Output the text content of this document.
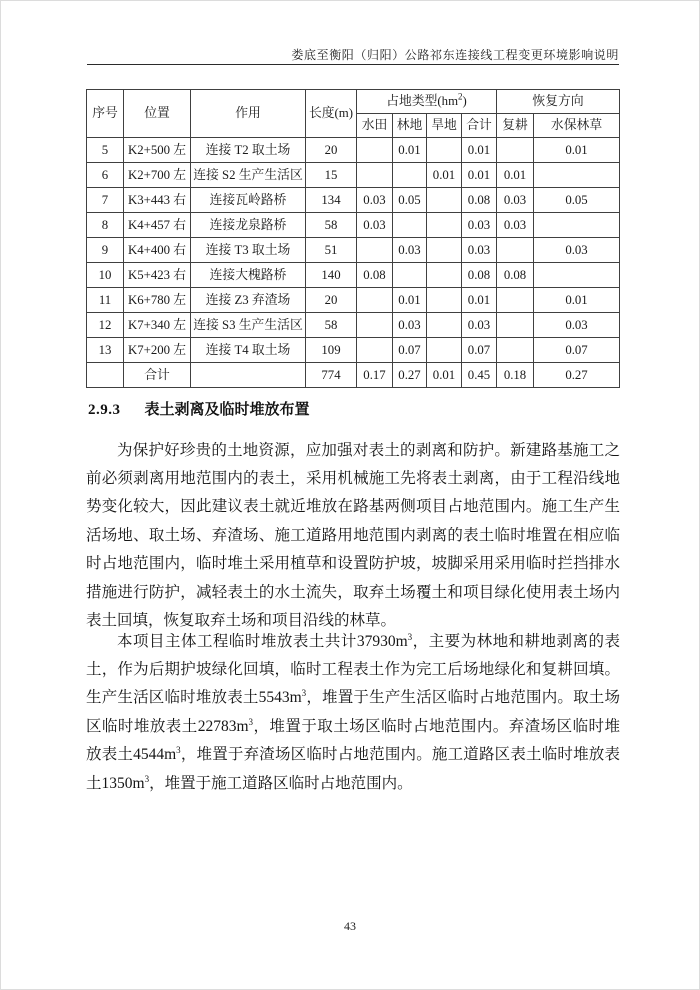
娄底至衡阳（归阳）公路祁东连接线工程变更环境影响说明
序号	位置	作用	长度(m)	占地类型$(hm^2)$				恢复方向	
				水田	林地	旱地	合计	复耕	水保林草
5	K2+500 左	连接 T2 取土场	20		0.01		0.01		0.01
6	K2+700 左	连接 S2 生产生活区	15			0.01	0.01	0.01	
7	K3+443 右	连接瓦岭路桥	134	0.03	0.05		0.08	0.03	0.05
8	K4+457 右	连接龙泉路桥	58	0.03			0.03	0.03	
9	K4+400 右	连接 T3 取土场	51		0.03		0.03		0.03
10	K5+423 右	连接大槐路桥	140	0.08			0.08	0.08	
11	K6+780 左	连接 Z3 弃渣场	20		0.01		0.01		0.01
12	K7+340 左	连接 S3 生产生活区	58		0.03		0.03		0.03
13	K7+200 左	连接 T4 取土场	109		0.07		0.07		0.07
	合计		774	0.17	0.27	0.01	0.45	0.18	0.27
2.9.3 表土剥离及临时堆放布置

为保护好珍贵的土地资源，应加强对表土的剥离和防护。新建路基施工之前必须剥离用地范围内的表土，采用机械施工先将表土剥离，由于工程沿线地势变化较大，因此建议表土就近堆放在路基两侧项目占地范围内。施工生产生活场地、取土场、弃渣场、施工道路用地范围内剥离的表土临时堆置在相应临时占地范围内，临时堆土采用植草和设置防护坡，坡脚采用采用临时拦挡排水措施进行防护，减轻表土的水土流失，取弃土场覆土和项目绿化使用表土场内表土回填，恢复取弃土场和项目沿线的林草。

本项目主体工程临时堆放表土共计$37930m^3$，主要为林地和耕地剥离的表土，作为后期护坡绿化回填，临时工程表土作为完工后场地绿化和复耕回填。生产生活区临时堆放表土$5543m^3$，堆置于生产生活区临时占地范围内。取土场区临时堆放表土$22783m^3$，堆置于取土场区临时占地范围内。弃渣场区临时堆放表土$4544m^3$，堆置于弃渣场区临时占地范围内。施工道路区表土临时堆放表土$1350m^3$，堆置于施工道路区临时占地范围内。

43
